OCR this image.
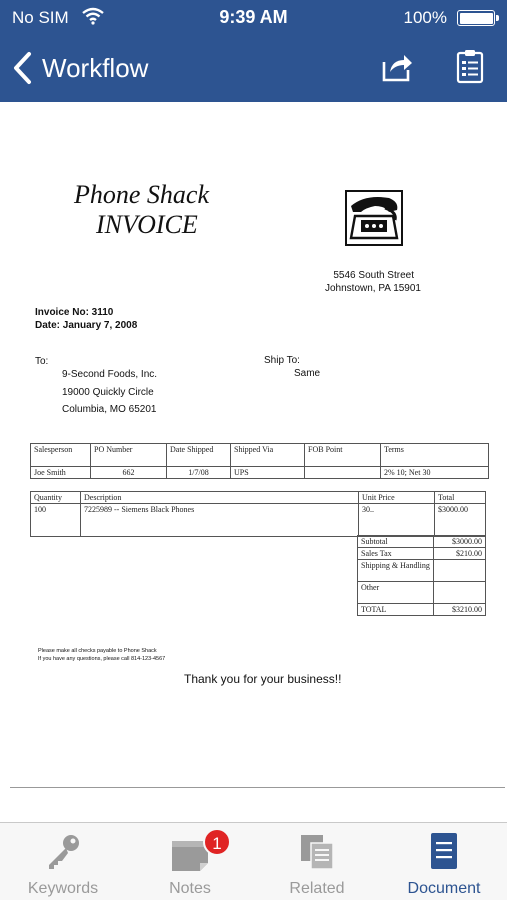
No SIM	9:39 AM	100%
Workflow
Phone Shack
INVOICE
5546 South Street
Johnstown, PA 15901
Invoice No: 3110
Date: January 7, 2008
To:
9-Second Foods, Inc.
19000 Quickly Circle
Columbia, MO 65201
Ship To:
Same
Salesperson	PO Number	Date Shipped	Shipped Via	FOB Point	Terms
Joe Smith	662	1/7/08	UPS		2% 10; Net 30
Quantity	Description	Unit Price	Total
100	7225989 -- Siemens Black Phones	30..	$3000.00
Subtotal	$3000.00
Sales Tax	$210.00
Shipping & Handling	
Other	
TOTAL	$3210.00
Please make all checks payable to Phone Shack
If you have any questions, please call 814-123-4567
Thank you for your business!!
Keywords
1
Notes	Related	Document
